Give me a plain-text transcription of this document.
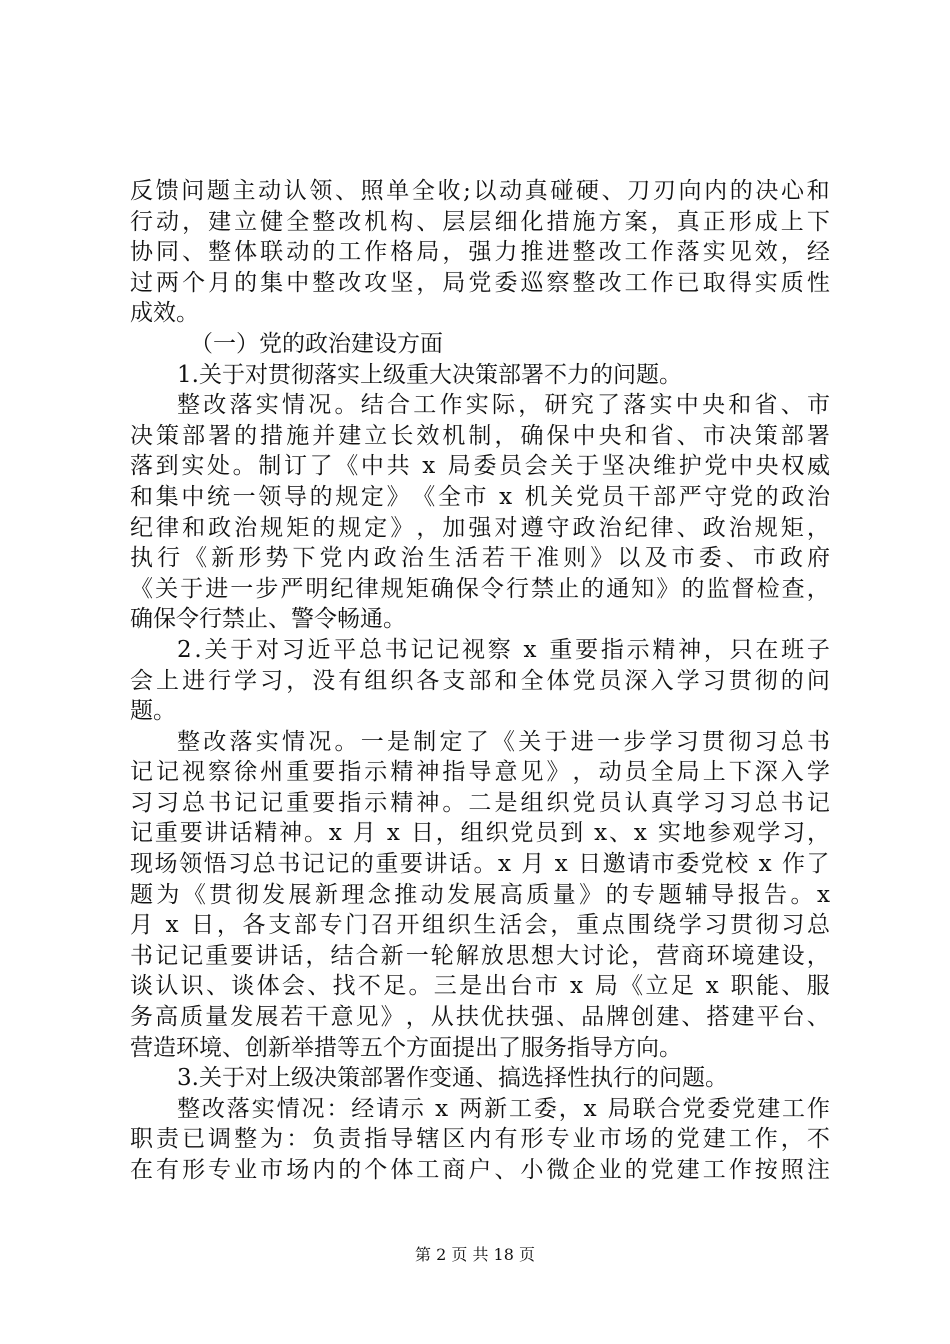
反 馈 问 题 主 动 认 领 、 照 单 全 收 ; 以 动 真 碰 硬 、 刀 刃 向 内 的 决 心 和
行 动 ， 建 立 健 全 整 改 机 构 、 层 层 细 化 措 施 方 案 ， 真 正 形 成 上 下
协 同 、 整 体 联 动 的 工 作 格 局 ， 强 力 推 进 整 改 工 作 落 实 见 效 ， 经
过 两 个 月 的 集 中 整 改 攻 坚 ， 局 党 委 巡 察 整 改 工 作 已 取 得 实 质 性
成效。
（一）党的政治建设方面
1.关于对贯彻落实上级重大决策部署不力的问题。
整 改 落 实 情 况 。 结 合 工 作 实 际 ， 研 究 了 落 实 中 央 和 省 、 市
决 策 部 署 的 措 施 并 建 立 长 效 机 制 ， 确 保 中 央 和 省 、 市 决 策 部 署
落 到 实 处 。 制 订 了 《 中 共
x
局 委 员 会 关 于 坚 决 维 护 党 中 央 权 威
和 集 中 统 一 领 导 的 规 定 》 《 全 市
x
机 关 党 员 干 部 严 守 党 的 政 治
纪 律 和 政 治 规 矩 的 规 定 》 ， 加 强 对 遵 守 政 治 纪 律 、 政 治 规 矩 ，
执 行 《 新 形 势 下 党 内 政 治 生 活 若 干 准 则 》 以 及 市 委 、 市 政 府
《 关 于 进 一 步 严 明 纪 律 规 矩 确 保 令 行 禁 止 的 通 知 》 的 监 督 检 查 ，
确保令行禁止、警令畅通。
2 . 关 于 对 习 近 平 总 书 记 记 视 察
x
重 要 指 示 精 神 ， 只 在 班 子
会 上 进 行 学 习 ， 没 有 组 织 各 支 部 和 全 体 党 员 深 入 学 习 贯 彻 的 问
题。
整 改 落 实 情 况 。 一 是 制 定 了 《 关 于 进 一 步 学 习 贯 彻 习 总 书
记 记 视 察 徐 州 重 要 指 示 精 神 指 导 意 见 》 ， 动 员 全 局 上 下 深 入 学
习 习 总 书 记 记 重 要 指 示 精 神 。 二 是 组 织 党 员 认 真 学 习 习 总 书 记
记 重 要 讲 话 精 神 。 x
月
x
日 ， 组 织 党 员 到
x 、 x
实 地 参 观 学 习 ，
现 场 领 悟 习 总 书 记 记 的 重 要 讲 话 。 x
月
x
日 邀 请 市 委 党 校
x
作 了
题 为 《 贯 彻 发 展 新 理 念 推 动 发 展 高 质 量 》 的 专 题 辅 导 报 告 。 x
月
x
日 ， 各 支 部 专 门 召 开 组 织 生 活 会 ， 重 点 围 绕 学 习 贯 彻 习 总
书 记 记 重 要 讲 话 ， 结 合 新 一 轮 解 放 思 想 大 讨 论 ， 营 商 环 境 建 设 ，
谈 认 识 、 谈 体 会 、 找 不 足 。 三 是 出 台 市
x
局 《 立 足
x
职 能 、 服
务 高 质 量 发 展 若 干 意 见 》 ， 从 扶 优 扶 强 、 品 牌 创 建 、 搭 建 平 台 、
营造环境、创新举措等五个方面提出了服务指导方向。
3.关于对上级决策部署作变通、搞选择性执行的问题。
整 改 落 实 情 况 ： 经 请 示
x
两 新 工 委 ， x
局 联 合 党 委 党 建 工 作
职 责 已 调 整 为 ： 负 责 指 导 辖 区 内 有 形 专 业 市 场 的 党 建 工 作 ， 不
在 有 形 专 业 市 场 内 的 个 体 工 商 户 、 小 微 企 业 的 党 建 工 作 按 照 注
第 2 页 共 18 页
